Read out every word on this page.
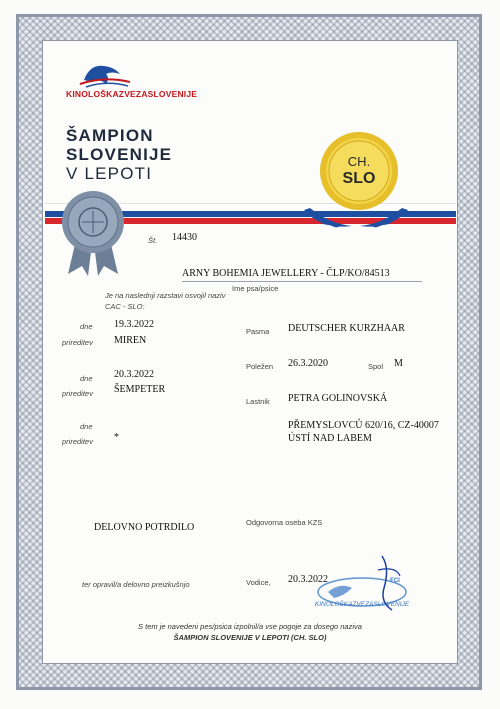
KINOLOŠKAZVEZASLOVENIJE
ŠAMPION
SLOVENIJE
V LEPOTI
CH.
SLO
Št. 14430
ARNY BOHEMIA JEWELLERY - ČLP/KO/84513
Ime psa/psice
Je na naslednji razstavi osvojil naziv CAC - SLO:
dne 19.3.2022
prireditev MIREN
dne 20.3.2022
prireditev ŠEMPETER
dne
prireditev *
Pasma DEUTSCHER KURZHAAR
Poležen 26.3.2020	Spol M
Lastnik PETRA GOLINOVSKÁ
PŘEMYSLOVCŮ 620/16, CZ-40007
ÚSTÍ NAD LABEM
DELOVNO POTRDILO	Odgovorna oseba KZS
ter opravil/a delovno preizkušnjo	Vodice, 20.3.2022
KINOLOŠKAZVEZASLOVENIJE
FCI
S tem je navedeni pes/psica izpolnil/a vse pogoje za dosego naziva
ŠAMPION SLOVENIJE V LEPOTI (CH. SLO)
